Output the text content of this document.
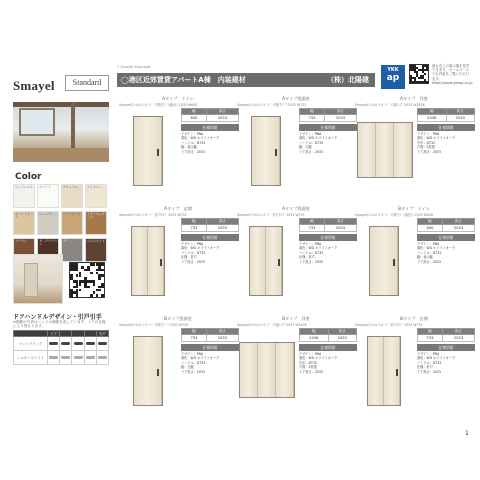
Smayel	Standard
Color
ピュアシルク ホワイト	ナチュラル	アイボリー
ホワイトオーク
ペールグレー ライトオーク ミディアムオーク
ブラウン	ダークブラウン
グレー	ウォルナット
ドアハンドルデザイン・引戸引手
※掲載の写真はハンドル種類を表しています。ドアの仕様により異なります。
	ドア				引戸
マットブラック					
シルキーホワイト					
7 Smayel Standard
◯港区近郊賃貸アパートA棟　内装建材	（株）北陽建
YKK
ap
最も近くの展示場を見学できます。ホームページでも内装をご覧いただけます。https://www.ykkap.co.jp
Aタイプ　トイレ
Smayel(ｽﾏｲｴﾙ) ﾛｰﾎﾞｰﾄﾞ 片開きﾄﾞｱ(錠付) 2033 W640
幅	高さ
640	2033
仕様情報
デザイン：PNA
扉色：WG ホワイトオーク
ハンドル：DT32
錠：表示錠
ドア高さ：2033
Aタイプ洗面室
Smayel(ｽﾏｲｴﾙ) ﾛｰﾎﾞｰﾄﾞ 片開きﾄﾞｱ 2033 W733
幅	高さ
733	2033
仕様情報
デザイン：PNA
扉色：WG ホワイトオーク
ハンドル：DT32
錠：空錠
ドア高さ：2033
Aタイプ　洋室
Smayel(ｽﾏｲｴﾙ) ﾛｰﾎﾞｰﾄﾞ 引違い戸 2033 W2436
幅	高さ
2436	2033
仕様情報
デザイン：PNA
扉色：WG ホワイトオーク
引手：DT32
戸数：2枚建
ドア高さ：2033
Aタイプ　玄関
Smayel(ｽﾏｲｴﾙ) ﾛｰﾎﾞｰﾄﾞ 折戸ﾀｲﾌﾟ 2033 W733
幅	高さ
733	2033
仕様情報
デザイン：PNA
扉色：WG ホワイトオーク
ハンドル：DT32
仕様：折戸
ドア高さ：2033
Aタイプ洗面室
Smayel(ｽﾏｲｴﾙ) ﾛｰﾎﾞｰﾄﾞ 折戸ﾀｲﾌﾟ 2033 W733
幅	高さ
733	2033
仕様情報
デザイン：PNA
扉色：WG ホワイトオーク
ハンドル：DT32
仕様：折戸
ドア高さ：2033
Bタイプ　トイレ
Smayel(ｽﾏｲｴﾙ) ﾛｰﾎﾞｰﾄﾞ 片開きﾄﾞｱ(錠付) 2033 W640
幅	高さ
640	2033
仕様情報
デザイン：PNA
扉色：WG ホワイトオーク
ハンドル：DT32
錠：表示錠
ドア高さ：2033
Bタイプ洗面室
Smayel(ｽﾏｲｴﾙ) ﾛｰﾎﾞｰﾄﾞ 片開きﾄﾞｱ 2033 W733
幅	高さ
733	2033
仕様情報
デザイン：PNA
扉色：WG ホワイトオーク
ハンドル：DT32
錠：空錠
ドア高さ：2033
Bタイプ　洋室
Smayel(ｽﾏｲｴﾙ) ﾛｰﾎﾞｰﾄﾞ 引違い戸 2033 W2436
幅	高さ
2436	2033
仕様情報
デザイン：PNA
扉色：WG ホワイトオーク
引手：DT32
戸数：2枚建
ドア高さ：2033
Bタイプ　玄関
Smayel(ｽﾏｲｴﾙ) ﾛｰﾎﾞｰﾄﾞ 折戸ﾀｲﾌﾟ 2033 W733
幅	高さ
733	2033
仕様情報
デザイン：PNA
扉色：WG ホワイトオーク
ハンドル：DT32
仕様：折戸
ドア高さ：2033
1
